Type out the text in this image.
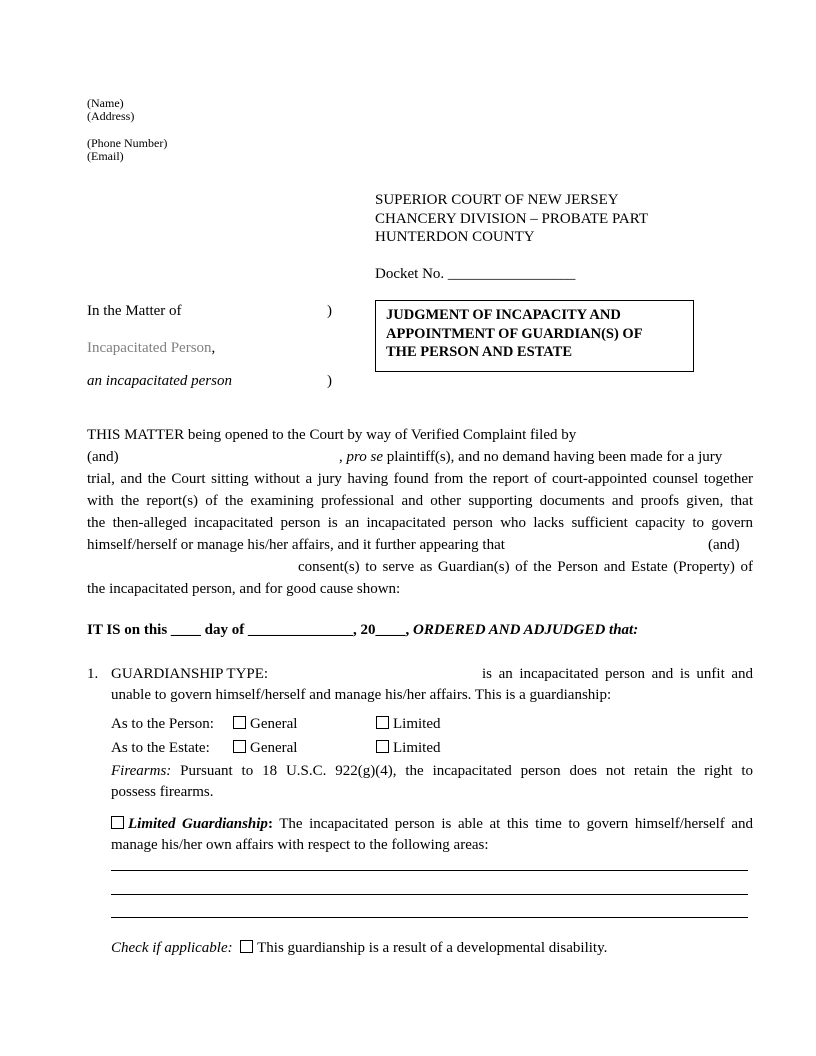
(Name)
(Address)
(Phone Number)
(Email)
SUPERIOR COURT OF NEW JERSEY
CHANCERY DIVISION – PROBATE PART
HUNTERDON COUNTY
Docket No. _________________
In the Matter of	)
Incapacitated Person,
an incapacitated person	)
JUDGMENT OF INCAPACITY AND
APPOINTMENT OF GUARDIAN(S) OF
THE PERSON AND ESTATE
THIS MATTER being opened to the Court by way of Verified Complaint filed by
(and)	, pro se plaintiff(s), and no demand having been made for a jury
trial, and the Court sitting without a jury having found from the report of court-appointed counsel together
with the report(s) of the examining professional and other supporting documents and proofs given, that
the then-alleged incapacitated person is an incapacitated person who lacks sufficient capacity to govern
himself/herself or manage his/her affairs, and it further appearing that	(and)
consent(s) to serve as Guardian(s) of the Person and Estate (Property) of
the incapacitated person, and for good cause shown:
IT IS on this ____ day of ______________, 20____, ORDERED AND ADJUDGED that:
1. GUARDIANSHIP TYPE:	is an incapacitated person and is unfit and
unable to govern himself/herself and manage his/her affairs. This is a guardianship:
As to the Person:	General	Limited
As to the Estate:	General	Limited
Firearms: Pursuant to 18 U.S.C. 922(g)(4), the incapacitated person does not retain the right to
possess firearms.
Limited Guardianship: The incapacitated person is able at this time to govern himself/herself and
manage his/her own affairs with respect to the following areas:
Check if applicable: This guardianship is a result of a developmental disability.
